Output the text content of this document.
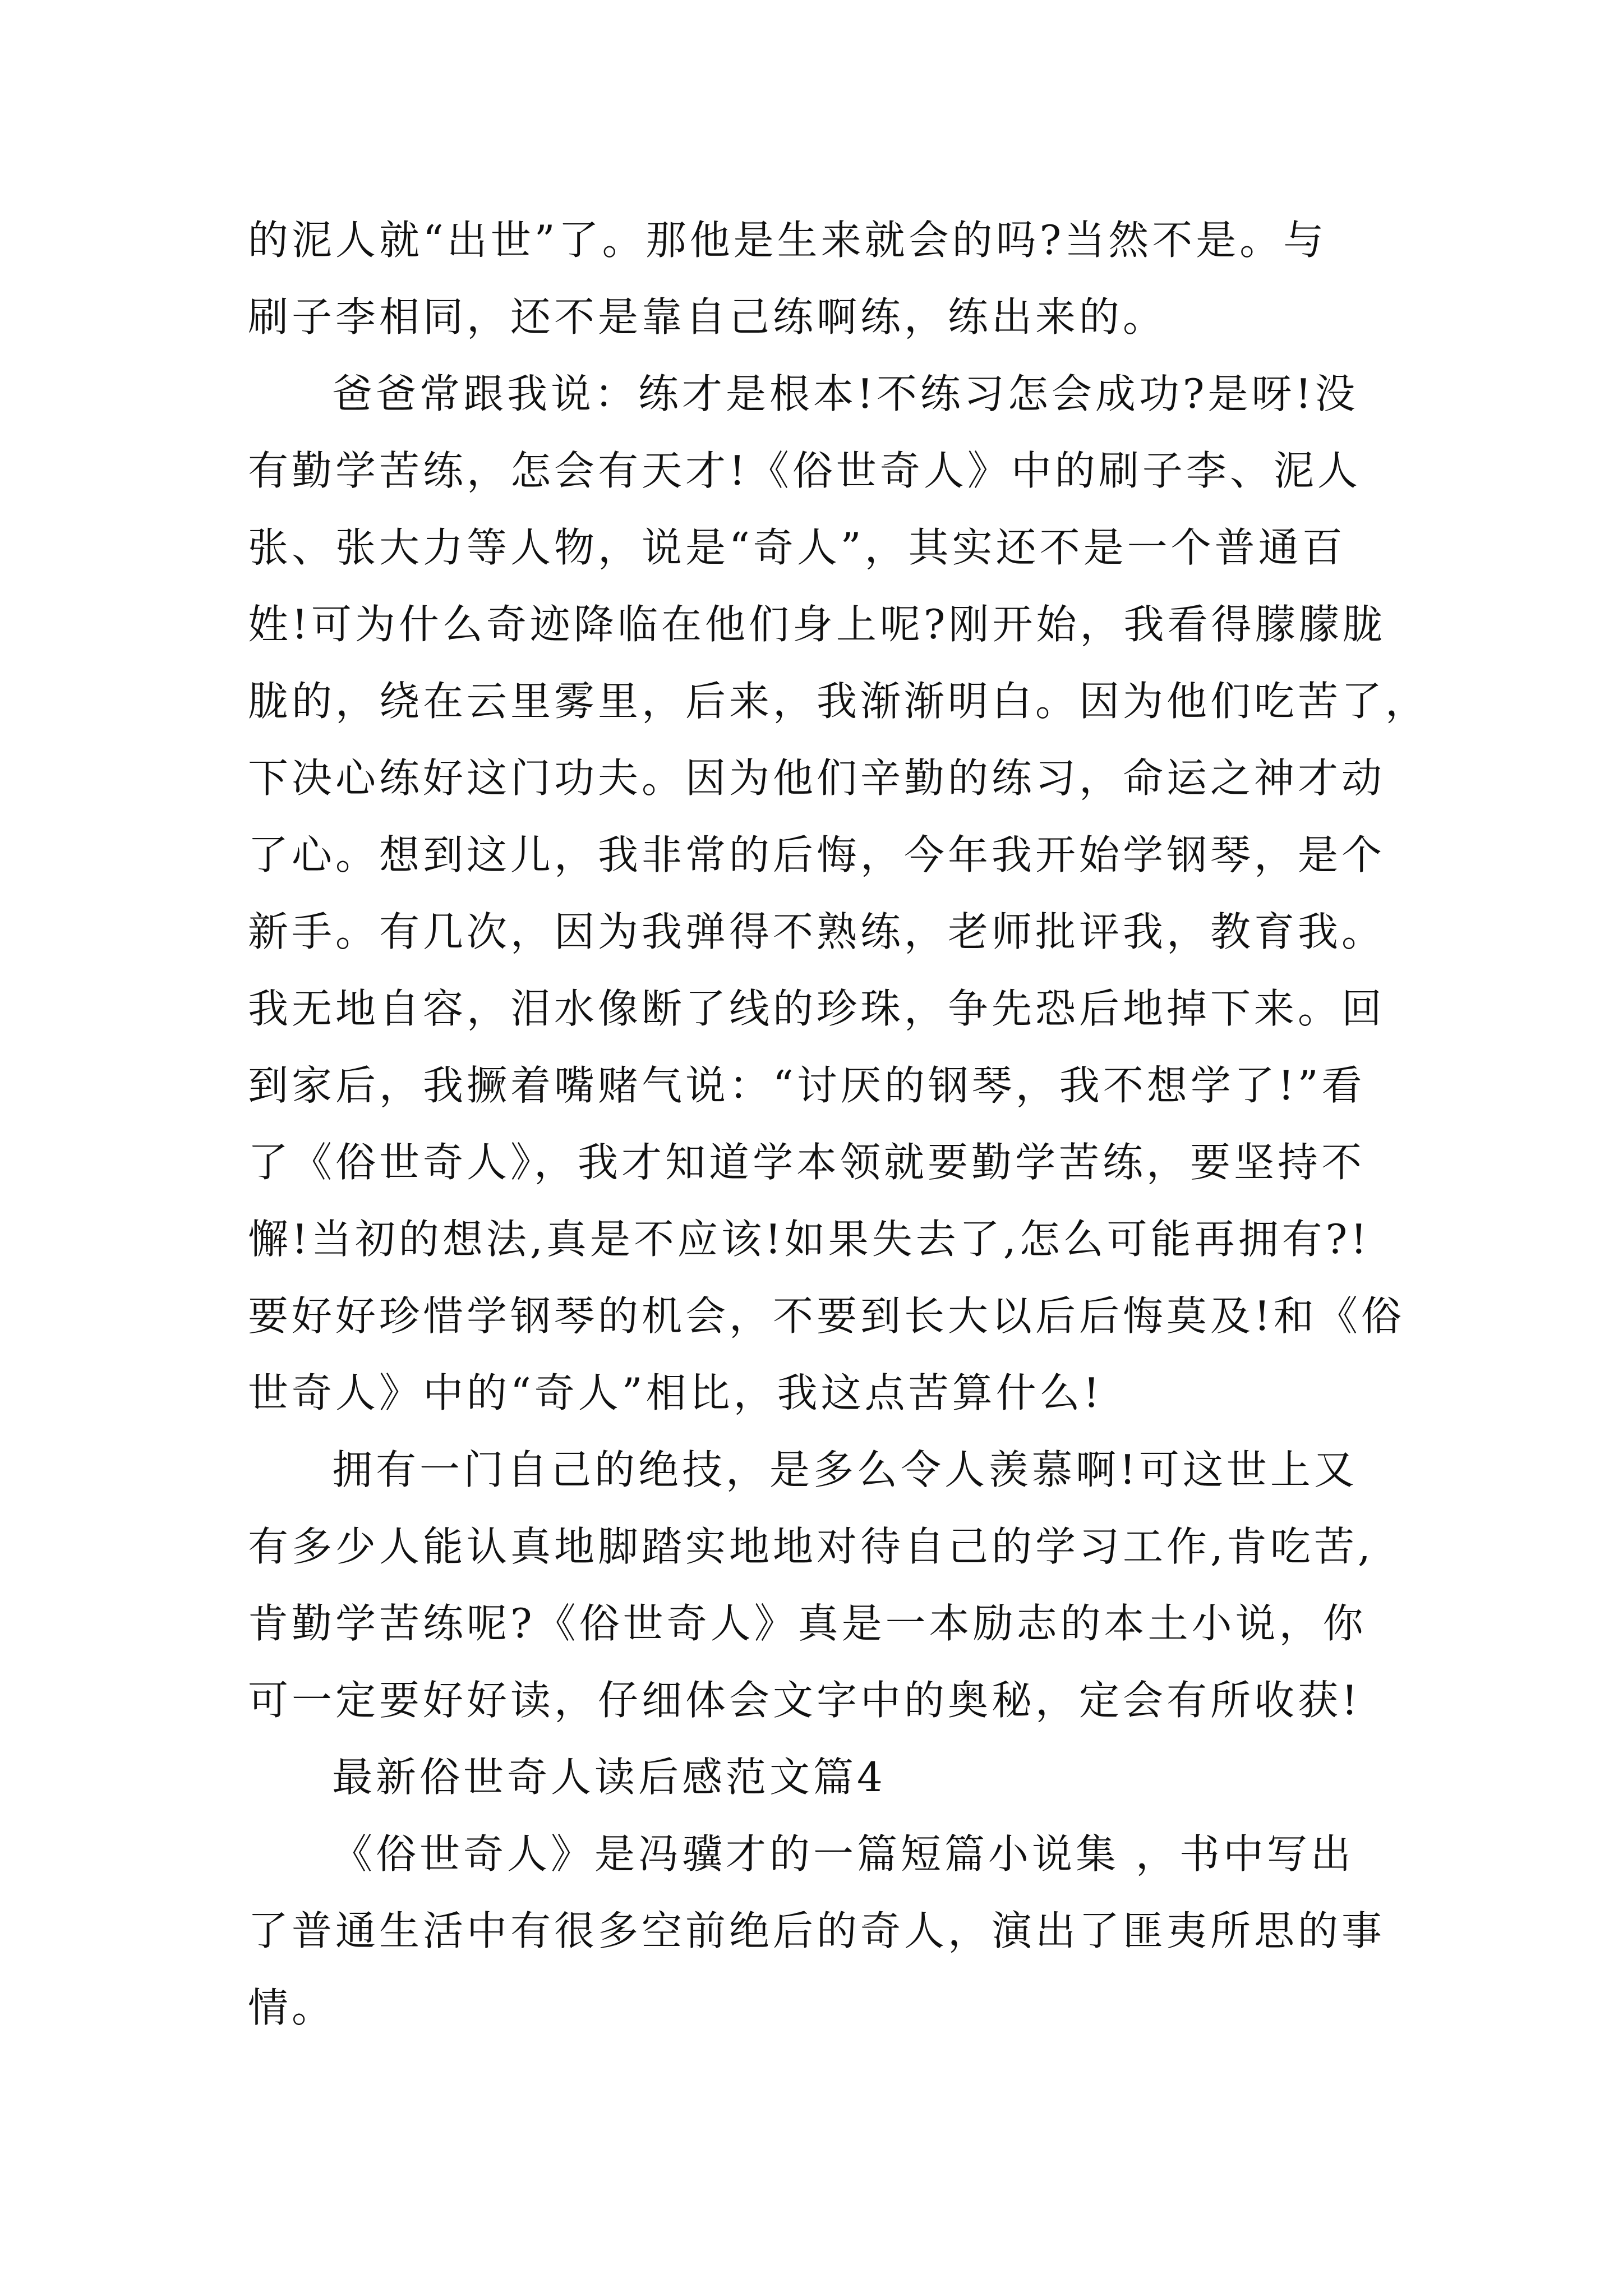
的泥人就“出世”了。那他是生来就会的吗?当然不是。与
刷子李相同，还不是靠自己练啊练，练出来的。
爸爸常跟我说：练才是根本!不练习怎会成功?是呀!没
有勤学苦练，怎会有天才!《俗世奇人》中的刷子李、泥人
张、张大力等人物，说是“奇人”，其实还不是一个普通百
姓!可为什么奇迹降临在他们身上呢?刚开始，我看得朦朦胧
胧的，绕在云里雾里，后来，我渐渐明白。因为他们吃苦了，
下决心练好这门功夫。因为他们辛勤的练习，命运之神才动
了心。想到这儿，我非常的后悔，今年我开始学钢琴，是个
新手。有几次，因为我弹得不熟练，老师批评我，教育我。
我无地自容，泪水像断了线的珍珠，争先恐后地掉下来。回
到家后，我撅着嘴赌气说：“讨厌的钢琴，我不想学了!”看
了《俗世奇人》，我才知道学本领就要勤学苦练，要坚持不
懈!当初的想法,真是不应该!如果失去了,怎么可能再拥有?!
要好好珍惜学钢琴的机会，不要到长大以后后悔莫及!和《俗
世奇人》中的“奇人”相比，我这点苦算什么!
拥有一门自己的绝技，是多么令人羡慕啊!可这世上又
有多少人能认真地脚踏实地地对待自己的学习工作,肯吃苦,
肯勤学苦练呢?《俗世奇人》真是一本励志的本土小说，你
可一定要好好读，仔细体会文字中的奥秘，定会有所收获!
最新俗世奇人读后感范文篇4
《俗世奇人》是冯骥才的一篇短篇小说集 ，书中写出
了普通生活中有很多空前绝后的奇人，演出了匪夷所思的事
情。
